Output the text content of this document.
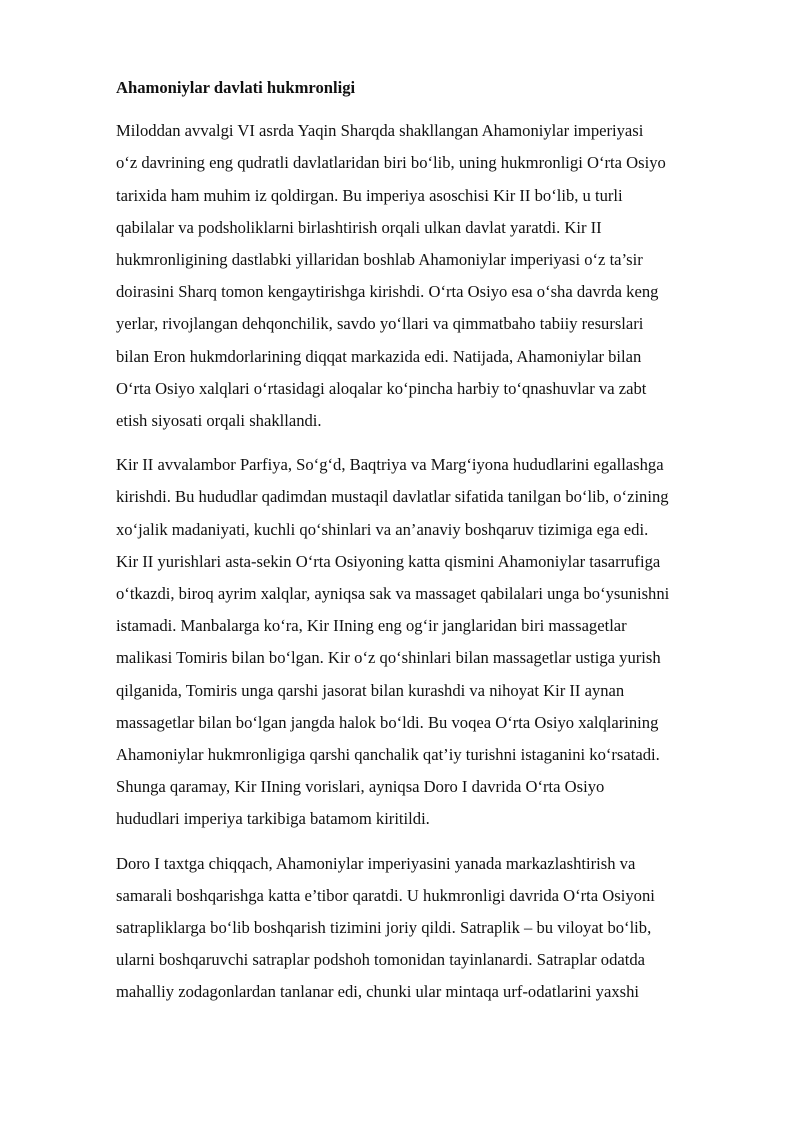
Ahamoniylar davlati hukmronligi
Miloddan avvalgi VI asrda Yaqin Sharqda shakllangan Ahamoniylar imperiyasi
o‘z davrining eng qudratli davlatlaridan biri bo‘lib, uning hukmronligi O‘rta Osiyo
tarixida ham muhim iz qoldirgan. Bu imperiya asoschisi Kir II bo‘lib, u turli
qabilalar va podsholiklarni birlashtirish orqali ulkan davlat yaratdi. Kir II
hukmronligining dastlabki yillaridan boshlab Ahamoniylar imperiyasi o‘z ta’sir
doirasini Sharq tomon kengaytirishga kirishdi. O‘rta Osiyo esa o‘sha davrda keng
yerlar, rivojlangan dehqonchilik, savdo yo‘llari va qimmatbaho tabiiy resurslari
bilan Eron hukmdorlarining diqqat markazida edi. Natijada, Ahamoniylar bilan
O‘rta Osiyo xalqlari o‘rtasidagi aloqalar ko‘pincha harbiy to‘qnashuvlar va zabt
etish siyosati orqali shakllandi.
Kir II avvalambor Parfiya, So‘g‘d, Baqtriya va Marg‘iyona hududlarini egallashga
kirishdi. Bu hududlar qadimdan mustaqil davlatlar sifatida tanilgan bo‘lib, o‘zining
xo‘jalik madaniyati, kuchli qo‘shinlari va an’anaviy boshqaruv tizimiga ega edi.
Kir II yurishlari asta-sekin O‘rta Osiyoning katta qismini Ahamoniylar tasarrufiga
o‘tkazdi, biroq ayrim xalqlar, ayniqsa sak va massaget qabilalari unga bo‘ysunishni
istamadi. Manbalarga ko‘ra, Kir IIning eng og‘ir janglaridan biri massagetlar
malikasi Tomiris bilan bo‘lgan. Kir o‘z qo‘shinlari bilan massagetlar ustiga yurish
qilganida, Tomiris unga qarshi jasorat bilan kurashdi va nihoyat Kir II aynan
massagetlar bilan bo‘lgan jangda halok bo‘ldi. Bu voqea O‘rta Osiyo xalqlarining
Ahamoniylar hukmronligiga qarshi qanchalik qat’iy turishni istaganini ko‘rsatadi.
Shunga qaramay, Kir IIning vorislari, ayniqsa Doro I davrida O‘rta Osiyo
hududlari imperiya tarkibiga batamom kiritildi.
Doro I taxtga chiqqach, Ahamoniylar imperiyasini yanada markazlashtirish va
samarali boshqarishga katta e’tibor qaratdi. U hukmronligi davrida O‘rta Osiyoni
satrapliklarga bo‘lib boshqarish tizimini joriy qildi. Satraplik – bu viloyat bo‘lib,
ularni boshqaruvchi satraplar podshoh tomonidan tayinlanardi. Satraplar odatda
mahalliy zodagonlardan tanlanar edi, chunki ular mintaqa urf-odatlarini yaxshi
